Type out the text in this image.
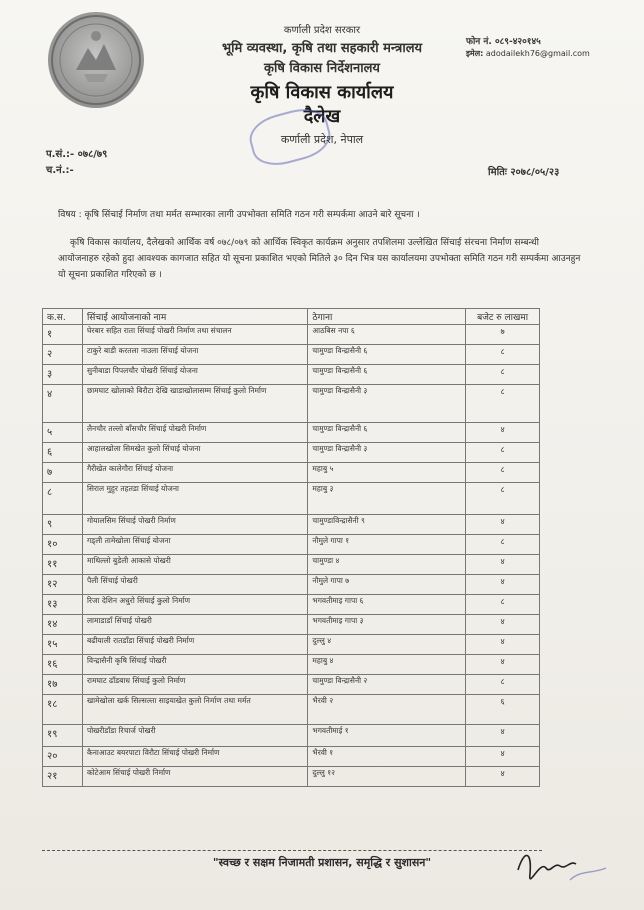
कर्णाली प्रदेश सरकार
भूमि व्यवस्था, कृषि तथा सहकारी मन्त्रालय
कृषि विकास निर्देशनालय
कृषि विकास कार्यालय
दैलेख
कर्णाली प्रदेश, नेपाल
फोन नं. ०८९-४२०१४५
इमेल: adodailekh76@gmail.com
प.सं.:- ०७८/७९
च.नं.:-	मितिः २०७८/०५/२३
विषय : कृषि सिंचाई निर्माण तथा मर्मत सम्भारका लागी उपभोक्ता समिति गठन गरी सम्पर्कमा आउने बारे सूचना ।
कृषि विकास कार्यालय, दैलेखको आर्थिक वर्ष ०७८/०७९ को आर्थिक स्विकृत कार्यक्रम अनुसार तपशिलमा उल्लेखित सिंचाई संरचना निर्माण सम्बन्धी आयोजनाहरु रहेको हुदा आवश्यक कागजात सहित यो सूचना प्रकाशित भएको मितिले ३० दिन भित्र यस कार्यालयमा उपभोक्ता समिति गठन गरी सम्पर्कमा आउनहुन यो सूचना प्रकाशित गरिएको छ ।
क.स.	सिंचाई आयोजनाको नाम	ठेगाना	बजेट रु लाखमा
१	घेरबार सहित राता सिंचाई पोखरी निर्माण तथा संचालन	आठबिस नपा ६	७
२	टाकुरे बाडी करतला नाउला सिंचाई योजना	चामुण्डा विन्द्रासैनी ६	८
३	सुनीबाडा पिपलचौर पोखरी सिंचाई योजना	चामुण्डा विन्द्रासैनी ६	८
४	छामघाट खोलाको बिरौटा देखि खाडाखोलासम्म सिंचाई कुलो निर्माण	चामुण्डा विन्द्रासैनी ३	८
५	लैनचौर तल्लो बाँसचौर सिंचाई पोखरी निर्माण	चामुण्डा विन्द्रासैनी ६	४
६	आहालखोला सिमखेत कुलो सिंचाई योजना	चामुण्डा विन्द्रासैनी ३	८
७	गैरीखेत कालेगौरा सिंचाई योजना	महाबु ५	८
८	सिराल मुहुर तहतडा सिंचाई योजना	महाबु ३	८
९	गोयालसिम सिंचाई पोखरी निर्माण	चामुण्डाविन्द्रासैनी ९	४
१०	गड्ली तामेखोला सिंचाई योजना	नौमुले गापा १	८
११	माथिल्लो बुडेली आकासे पोखरी	चामुण्डा ४	४
१२	पैली सिंचाई पोखरी	नौमुले गापा ७	४
१३	रिजा देशिन अधुरो सिंचाई कुलो निर्माण	भगवतीमाइ गापा ६	८
१४	लामाडाडाँ सिंचाई पोखरी	भगवतीमाइ गापा ३	४
१५	बढीयाली रातडाँडा सिंचाई पोखरी निर्माण	दुल्लु ४	४
१६	विन्द्रासैनी कृषि सिंचाई पोखरी	महाबु ४	४
१७	रामघाट ढाँडबाध सिंचाई कुलो निर्माण	चामुण्डा विन्द्रासैनी २	८
१८	खामेखोला खर्क सिल्सल्ता साइयाखेत कुलो निर्माण तथा मर्मत	भैरवी २	६
१९	पोखरीडाँडा रिचार्ज पोखरी	भगवतीमाई १	४
२०	कैनाआउट बयरपाटा विरौटा सिंचाई पोखरी निर्माण	भैरवी १	४
२१	कोटेआम सिंचाई पोखरी निर्माण	दुल्लु १२	४
"स्वच्छ र सक्षम निजामती प्रशासन, समृद्धि र सुशासन"
